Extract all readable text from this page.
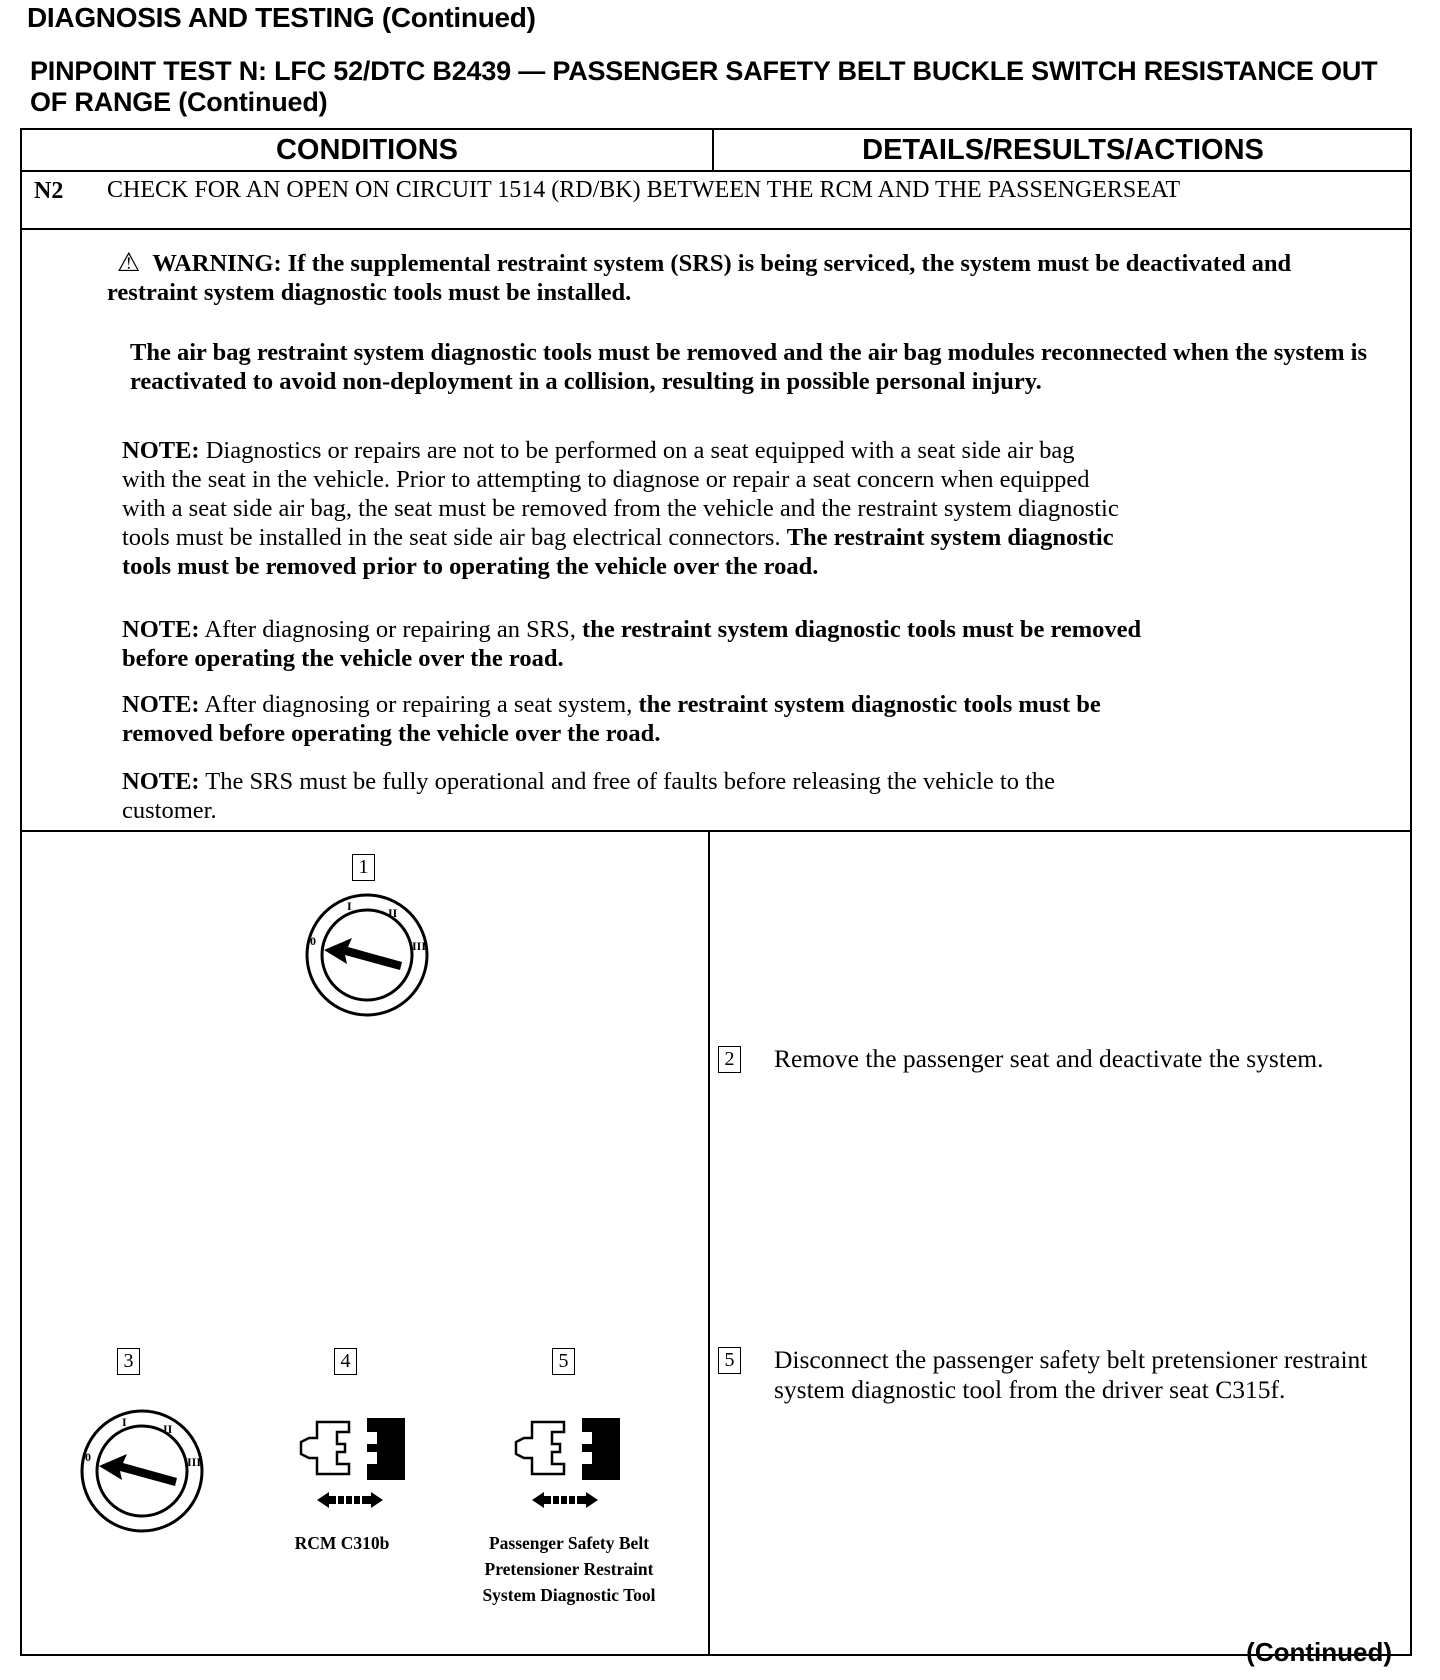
DIAGNOSIS AND TESTING (Continued)
PINPOINT TEST N: LFC 52/DTC B2439 — PASSENGER SAFETY BELT BUCKLE SWITCH RESISTANCE OUT OF RANGE (Continued)
CONDITIONS	DETAILS/RESULTS/ACTIONS
N2 CHECK FOR AN OPEN ON CIRCUIT 1514 (RD/BK) BETWEEN THE RCM AND THE PASSENGERSEAT
⚠ WARNING: If the supplemental restraint system (SRS) is being serviced, the system must be deactivated and restraint system diagnostic tools must be installed.
The air bag restraint system diagnostic tools must be removed and the air bag modules reconnected when the system is reactivated to avoid non-deployment in a collision, resulting in possible personal injury.
NOTE: Diagnostics or repairs are not to be performed on a seat equipped with a seat side air bag with the seat in the vehicle. Prior to attempting to diagnose or repair a seat concern when equipped with a seat side air bag, the seat must be removed from the vehicle and the restraint system diagnostic tools must be installed in the seat side air bag electrical connectors. The restraint system diagnostic tools must be removed prior to operating the vehicle over the road.
NOTE: After diagnosing or repairing an SRS, the restraint system diagnostic tools must be removed before operating the vehicle over the road.
NOTE: After diagnosing or repairing a seat system, the restraint system diagnostic tools must be removed before operating the vehicle over the road.
NOTE: The SRS must be fully operational and free of faults before releasing the vehicle to the customer.
1
0
I	II
III
3
0
I	II
III
4
RCM C310b
5
Passenger Safety Belt Pretensioner Restraint System Diagnostic Tool
2 Remove the passenger seat and deactivate the system.
5 Disconnect the passenger safety belt pretensioner restraint system diagnostic tool from the driver seat C315f.
(Continued)
